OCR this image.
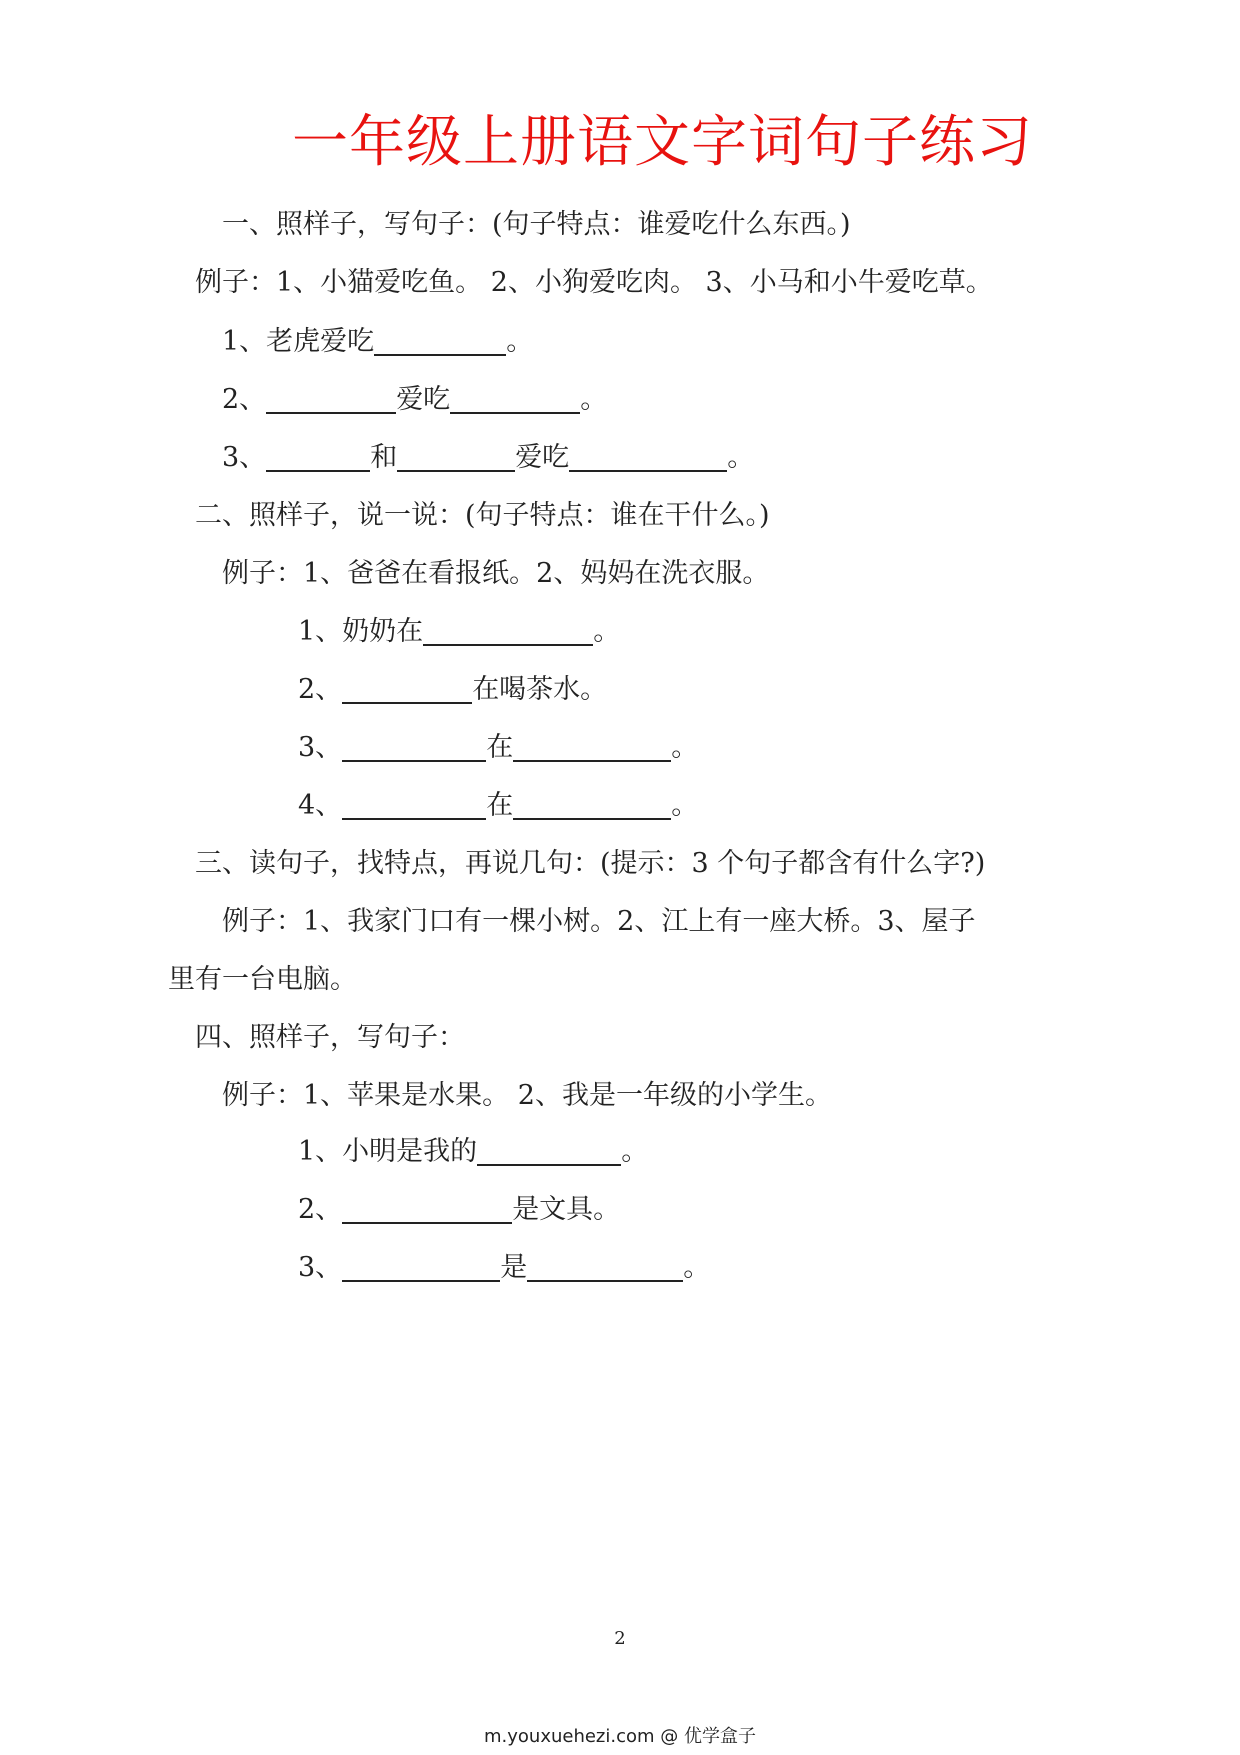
一年级上册语文字词句子练习
一、照样子，写句子：(句子特点：谁爱吃什么东西。)
例子：1、小猫爱吃鱼。 2、小狗爱吃肉。 3、小马和小牛爱吃草。
1、老虎爱吃	。
2、	爱吃	。
3、	和	爱吃	。
二、照样子，说一说：(句子特点：谁在干什么。)
例子：1、爸爸在看报纸。2、妈妈在洗衣服。
1、奶奶在	。
2、	在喝茶水。
3、	在	。
4、	在	。
三、读句子，找特点，再说几句：(提示：3 个句子都含有什么字?)
例子：1、我家门口有一棵小树。2、江上有一座大桥。3、屋子
里有一台电脑。
四、照样子，写句子：
例子：1、苹果是水果。 2、我是一年级的小学生。
1、小明是我的	。
2、	是文具。
3、	是	。
2
m.youxuehezi.com @ 优学盒子
